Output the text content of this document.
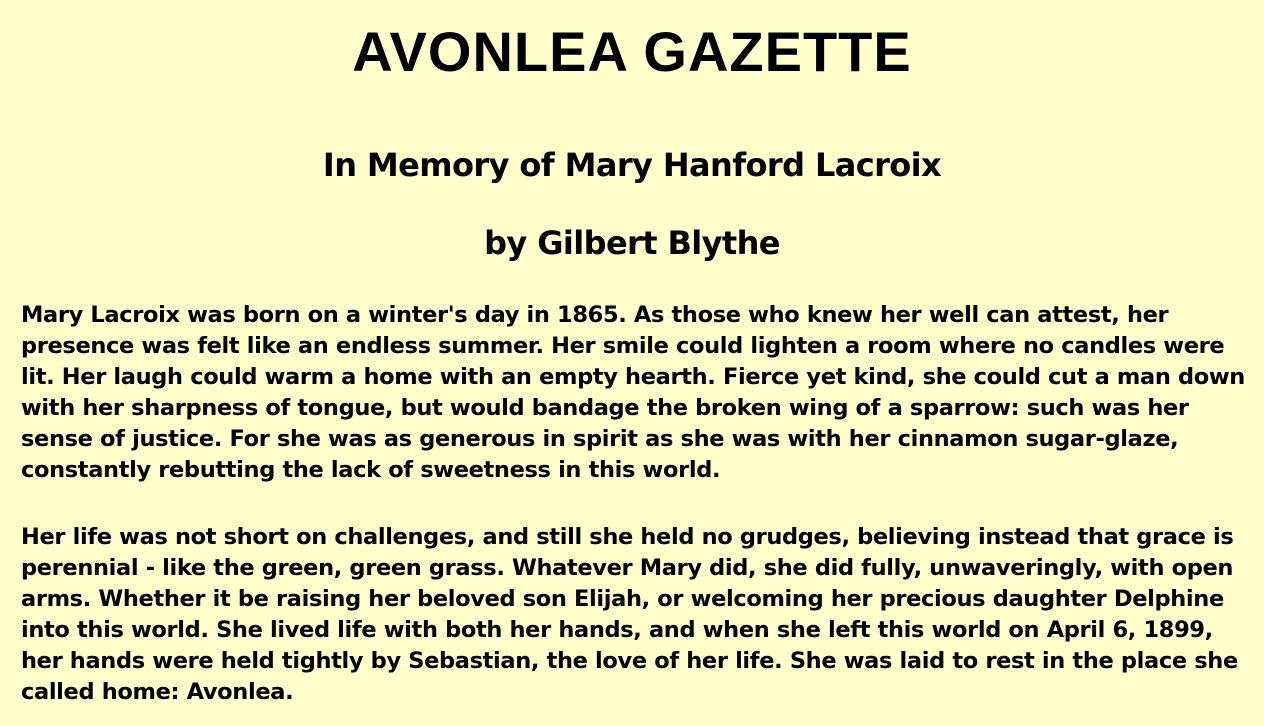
AVONLEA GAZETTE
In Memory of Mary Hanford Lacroix
by Gilbert Blythe

Mary Lacroix was born on a winter's day in 1865. As those who knew her well can attest, her presence was felt like an endless summer. Her smile could lighten a room where no candles were lit. Her laugh could warm a home with an empty hearth. Fierce yet kind, she could cut a man down with her sharpness of tongue, but would bandage the broken wing of a sparrow: such was her sense of justice. For she was as generous in spirit as she was with her cinnamon sugar-glaze, constantly rebutting the lack of sweetness in this world.

Her life was not short on challenges, and still she held no grudges, believing instead that grace is perennial - like the green, green grass. Whatever Mary did, she did fully, unwaveringly, with open arms. Whether it be raising her beloved son Elijah, or welcoming her precious daughter Delphine into this world. She lived life with both her hands, and when she left this world on April 6, 1899, her hands were held tightly by Sebastian, the love of her life. She was laid to rest in the place she called home: Avonlea.
